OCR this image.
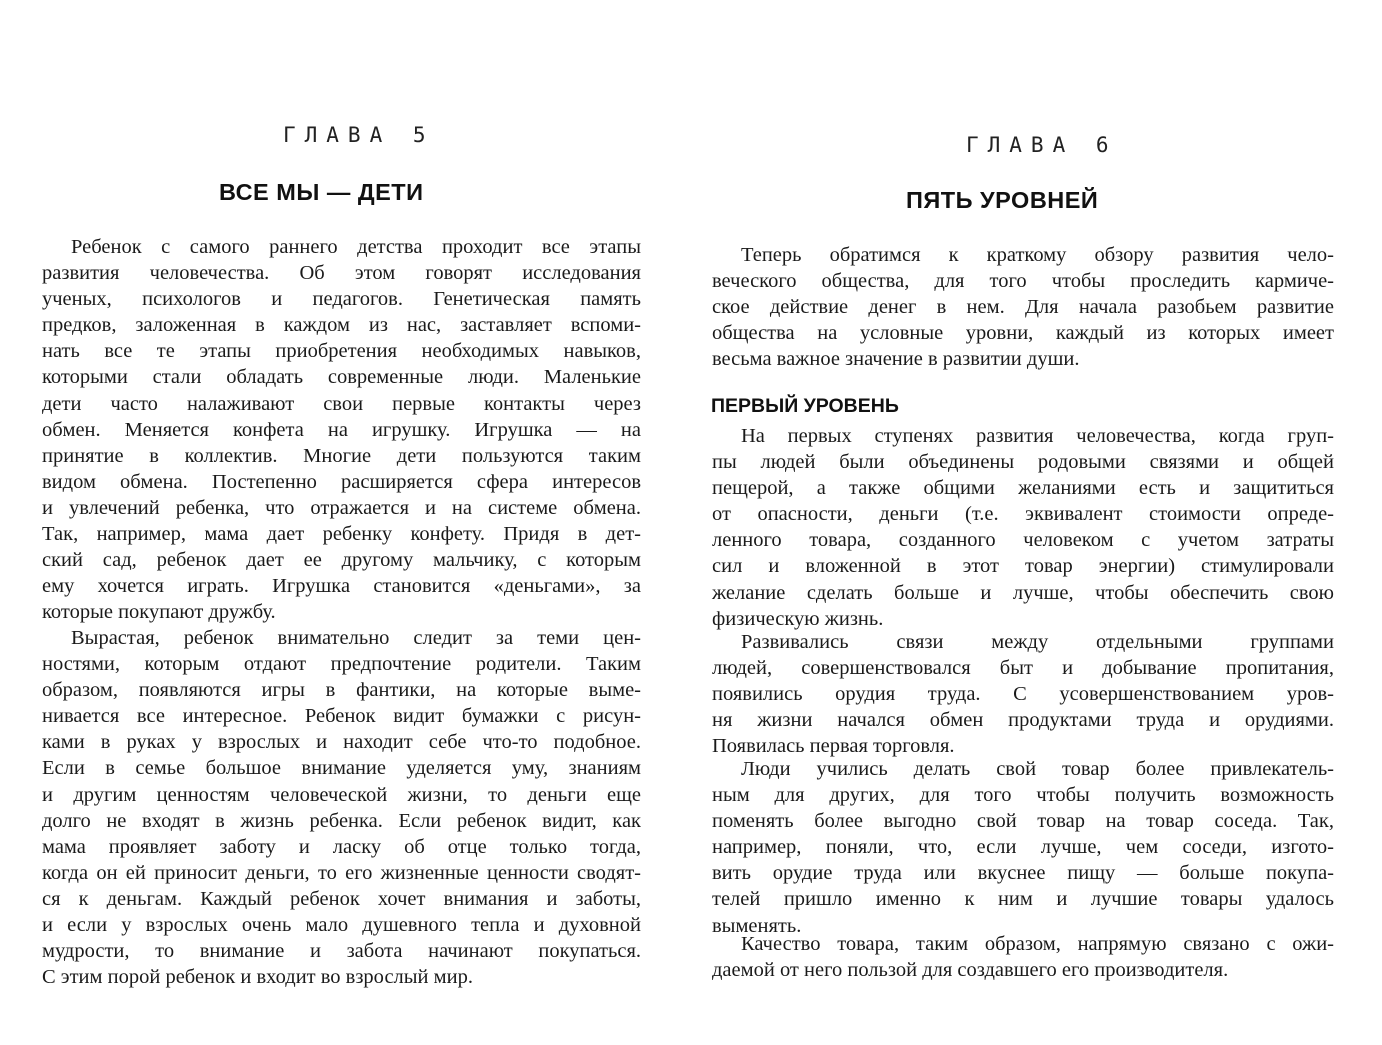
ГЛАВА 5
ВСЕ МЫ — ДЕТИ
Ребенок с самого раннего детства проходит все этапы
развития человечества. Об этом говорят исследования
ученых, психологов и педагогов. Генетическая память
предков, заложенная в каждом из нас, заставляет вспоми-
нать все те этапы приобретения необходимых навыков,
которыми стали обладать современные люди. Маленькие
дети часто налаживают свои первые контакты через
обмен. Меняется конфета на игрушку. Игрушка — на
принятие в коллектив. Многие дети пользуются таким
видом обмена. Постепенно расширяется сфера интересов
и увлечений ребенка, что отражается и на системе обмена.
Так, например, мама дает ребенку конфету. Придя в дет-
ский сад, ребенок дает ее другому мальчику, с которым
ему хочется играть. Игрушка становится «деньгами», за
которые покупают дружбу.
Вырастая, ребенок внимательно следит за теми цен-
ностями, которым отдают предпочтение родители. Таким
образом, появляются игры в фантики, на которые выме-
нивается все интересное. Ребенок видит бумажки с рисун-
ками в руках у взрослых и находит себе что-то подобное.
Если в семье большое внимание уделяется уму, знаниям
и другим ценностям человеческой жизни, то деньги еще
долго не входят в жизнь ребенка. Если ребенок видит, как
мама проявляет заботу и ласку об отце только тогда,
когда он ей приносит деньги, то его жизненные ценности сводят-
ся к деньгам. Каждый ребенок хочет внимания и заботы,
и если у взрослых очень мало душевного тепла и духовной
мудрости, то внимание и забота начинают покупаться.
С этим порой ребенок и входит во взрослый мир.
ГЛАВА 6
ПЯТЬ УРОВНЕЙ
Теперь обратимся к краткому обзору развития чело-
веческого общества, для того чтобы проследить кармиче-
ское действие денег в нем. Для начала разобьем развитие
общества на условные уровни, каждый из которых имеет
весьма важное значение в развитии души.
ПЕРВЫЙ УРОВЕНЬ
На первых ступенях развития человечества, когда груп-
пы людей были объединены родовыми связями и общей
пещерой, а также общими желаниями есть и защититься
от опасности, деньги (т.е. эквивалент стоимости опреде-
ленного товара, созданного человеком с учетом затраты
сил и вложенной в этот товар энергии) стимулировали
желание сделать больше и лучше, чтобы обеспечить свою
физическую жизнь.
Развивались связи между отдельными группами
людей, совершенствовался быт и добывание пропитания,
появились орудия труда. С усовершенствованием уров-
ня жизни начался обмен продуктами труда и орудиями.
Появилась первая торговля.
Люди учились делать свой товар более привлекатель-
ным для других, для того чтобы получить возможность
поменять более выгодно свой товар на товар соседа. Так,
например, поняли, что, если лучше, чем соседи, изгото-
вить орудие труда или вкуснее пищу — больше покупа-
телей пришло именно к ним и лучшие товары удалось
выменять.
Качество товара, таким образом, напрямую связано с ожи-
даемой от него пользой для создавшего его производителя.
